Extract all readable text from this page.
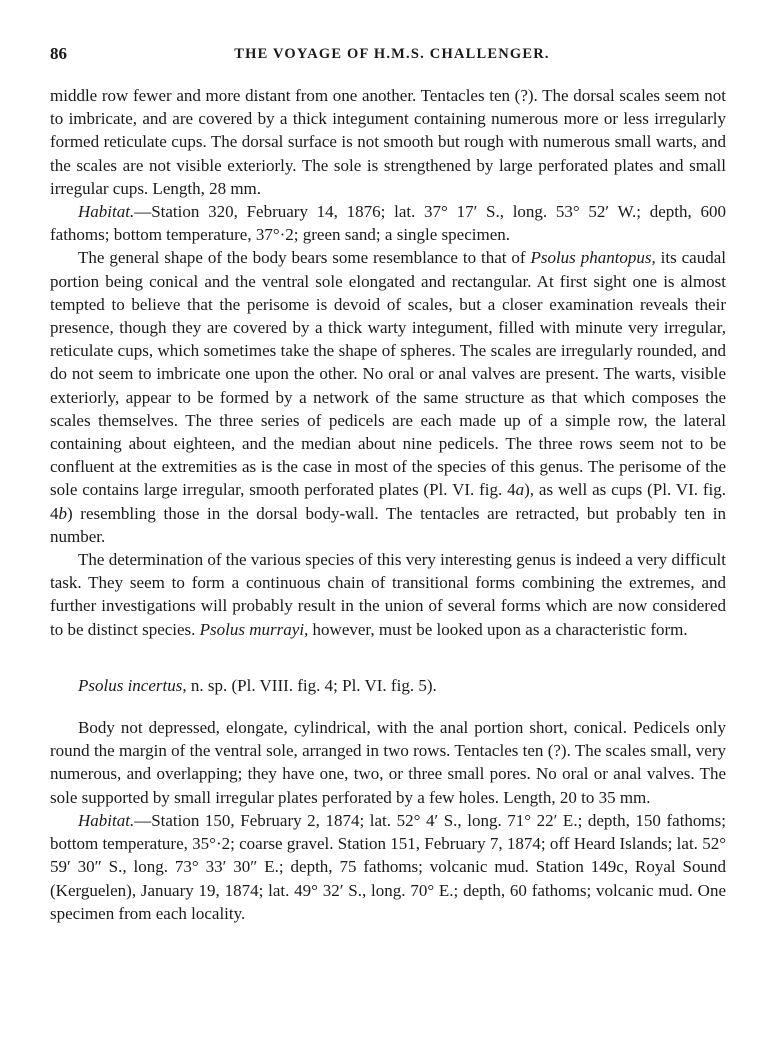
86	THE VOYAGE OF H.M.S. CHALLENGER.

middle row fewer and more distant from one another. Tentacles ten (?). The dorsal scales seem not to imbricate, and are covered by a thick integument containing numerous more or less irregularly formed reticulate cups. The dorsal surface is not smooth but rough with numerous small warts, and the scales are not visible exteriorly. The sole is strengthened by large perforated plates and small irregular cups. Length, 28 mm.

Habitat.—Station 320, February 14, 1876; lat. 37° 17′ S., long. 53° 52′ W.; depth, 600 fathoms; bottom temperature, 37°·2; green sand; a single specimen.

The general shape of the body bears some resemblance to that of Psolus phantopus, its caudal portion being conical and the ventral sole elongated and rectangular. At first sight one is almost tempted to believe that the perisome is devoid of scales, but a closer examination reveals their presence, though they are covered by a thick warty integument, filled with minute very irregular, reticulate cups, which sometimes take the shape of spheres. The scales are irregularly rounded, and do not seem to imbricate one upon the other. No oral or anal valves are present. The warts, visible exteriorly, appear to be formed by a network of the same structure as that which composes the scales themselves. The three series of pedicels are each made up of a simple row, the lateral containing about eighteen, and the median about nine pedicels. The three rows seem not to be confluent at the extremities as is the case in most of the species of this genus. The perisome of the sole contains large irregular, smooth perforated plates (Pl. VI. fig. 4a), as well as cups (Pl. VI. fig. 4b) resembling those in the dorsal body-wall. The tentacles are retracted, but probably ten in number.

The determination of the various species of this very interesting genus is indeed a very difficult task. They seem to form a continuous chain of transitional forms combining the extremes, and further investigations will probably result in the union of several forms which are now considered to be distinct species. Psolus murrayi, however, must be looked upon as a characteristic form.

Psolus incertus, n. sp. (Pl. VIII. fig. 4; Pl. VI. fig. 5).

Body not depressed, elongate, cylindrical, with the anal portion short, conical. Pedicels only round the margin of the ventral sole, arranged in two rows. Tentacles ten (?). The scales small, very numerous, and overlapping; they have one, two, or three small pores. No oral or anal valves. The sole supported by small irregular plates perforated by a few holes. Length, 20 to 35 mm.

Habitat.—Station 150, February 2, 1874; lat. 52° 4′ S., long. 71° 22′ E.; depth, 150 fathoms; bottom temperature, 35°·2; coarse gravel. Station 151, February 7, 1874; off Heard Islands; lat. 52° 59′ 30″ S., long. 73° 33′ 30″ E.; depth, 75 fathoms; volcanic mud. Station 149c, Royal Sound (Kerguelen), January 19, 1874; lat. 49° 32′ S., long. 70° E.; depth, 60 fathoms; volcanic mud. One specimen from each locality.
